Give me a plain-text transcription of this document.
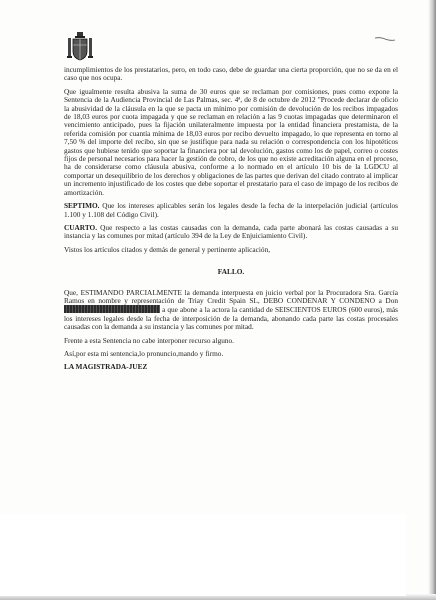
incumplimientos de los prestatarios, pero, en todo caso, debe de guardar una cierta proporción, que no se da en el caso que nos ocupa.

Que igualmente resulta abusiva la suma de 30 euros que se reclaman por comisiones, pues como expone la Sentencia de la Audiencia Provincial de Las Palmas, sec. 4ª, de 8 de octubre de 2012 "Procede declarar de oficio la abusividad de la cláusula en la que se pacta un mínimo por comisión de devolución de los recibos impagados de 18,03 euros por cuota impagada y que se reclaman en relación a las 9 cuotas impagadas que determinaron el vencimiento anticipado, pues la fijación unilateralmente impuesta por la entidad financiera prestamista, de la referida comisión por cuantía mínima de 18,03 euros por recibo devuelto impagado, lo que representa en torno al 7,50 % del importe del recibo, sin que se justifique para nada su relación o correspondencia con los hipotéticos gastos que hubiese tenido que soportar la financiera por tal devolución, gastos como los de papel, correo o costes fijos de personal necesarios para hacer la gestión de cobro, de los que no existe acreditación alguna en el proceso, ha de considerarse como cláusula abusiva, conforme a lo normado en el artículo 10 bis de la LGDCU al comportar un desequilibrio de los derechos y obligaciones de las partes que derivan del citado contrato al implicar un incremento injustificado de los costes que debe soportar el prestatario para el caso de impago de los recibos de amortización.

SEPTIMO. Que los intereses aplicables serán los legales desde la fecha de la interpelación judicial (artículos 1.100 y 1.108 del Código Civil).

CUARTO. Que respecto a las costas causadas con la demanda, cada parte abonará las costas causadas a su instancia y las comunes por mitad (artículo 394 de la Ley de Enjuiciamiento Civil).

Vistos los artículos citados y demás de general y pertinente aplicación,

FALLO.

Que, ESTIMANDO PARCIALMENTE la demanda interpuesta en juicio verbal por la Procuradora Sra. García Ramos en nombre y representación de Triay Credit Spain SL, DEBO CONDENAR Y CONDENO a Don  a que abone a la actora la cantidad de SEISCIENTOS EUROS (600 euros), más los intereses legales desde la fecha de interposición de la demanda, abonando cada parte las costas procesales causadas con la demanda a su instancia y las comunes por mitad.

Frente a esta Sentencia no cabe interponer recurso alguno.

Así,por esta mi sentencia,lo pronuncio,mando y firmo.

LA MAGISTRADA-JUEZ
